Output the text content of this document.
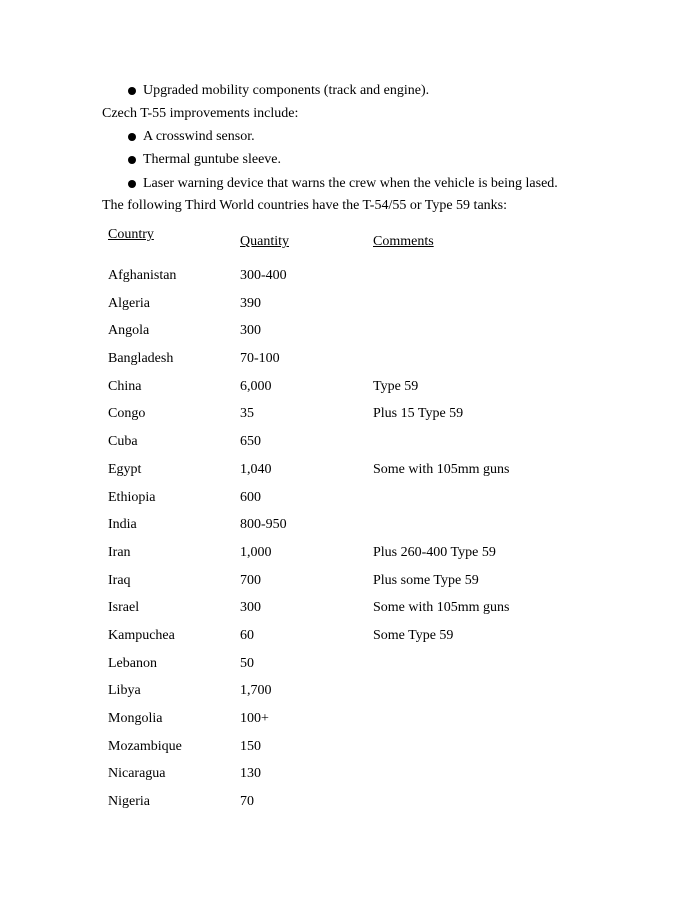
Upgraded mobility components (track and engine).
Czech T-55 improvements include:
A crosswind sensor.
Thermal guntube sleeve.
Laser warning device that warns the crew when the vehicle is being lased.
The following Third World countries have the T-54/55 or Type 59 tanks:
Country	Quantity	Comments
Afghanistan	300-400
Algeria	390
Angola	300
Bangladesh	70-100
China	6,000	Type 59
Congo	35	Plus 15 Type 59
Cuba	650
Egypt	1,040	Some with 105mm guns
Ethiopia	600
India	800-950
Iran	1,000	Plus 260-400 Type 59
Iraq	700	Plus some Type 59
Israel	300	Some with 105mm guns
Kampuchea	60	Some Type 59
Lebanon	50
Libya	1,700
Mongolia	100+
Mozambique	150
Nicaragua	130
Nigeria	70
